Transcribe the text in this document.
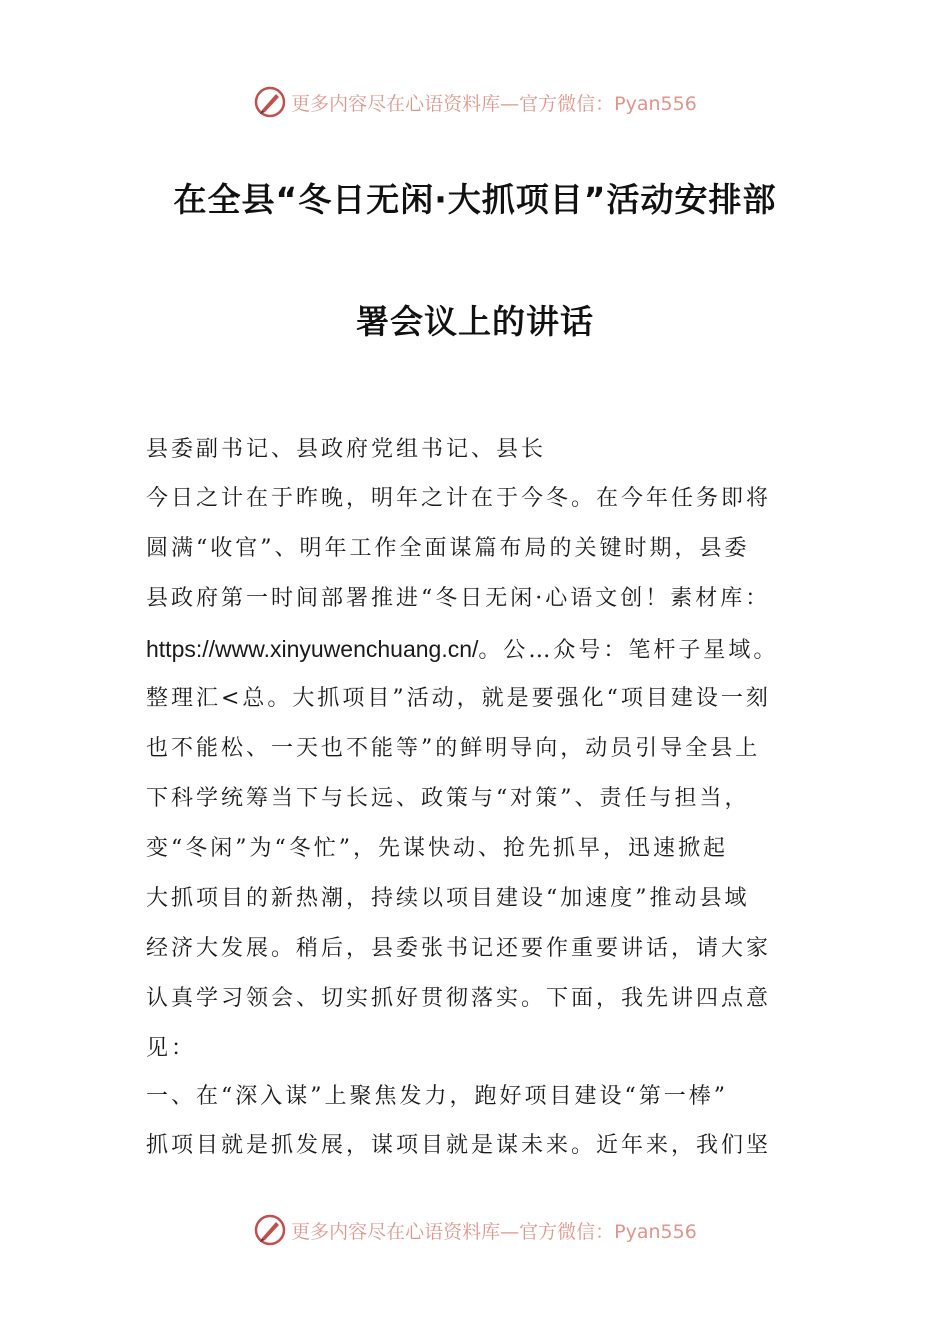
更多内容尽在心语资料库—官方微信：Pyan556
在全县“冬日无闲·大抓项目”活动安排部
署会议上的讲话

县委副书记、县政府党组书记、县长

今日之计在于昨晚，明年之计在于今冬。在今年任务即将
圆满“收官”、明年工作全面谋篇布局的关键时期，县委
县政府第一时间部署推进“冬日无闲·心语文创！素材库：
https://www.xinyuwenchuang.cn/。公…众号：笔杆子星域。
整理汇<总。大抓项目”活动，就是要强化“项目建设一刻
也不能松、一天也不能等”的鲜明导向，动员引导全县上
下科学统筹当下与长远、政策与“对策”、责任与担当，
变“冬闲”为“冬忙”，先谋快动、抢先抓早，迅速掀起
大抓项目的新热潮，持续以项目建设“加速度”推动县域
经济大发展。稍后，县委张书记还要作重要讲话，请大家
认真学习领会、切实抓好贯彻落实。下面，我先讲四点意
见：

一、在“深入谋”上聚焦发力，跑好项目建设“第一棒”

抓项目就是抓发展，谋项目就是谋未来。近年来，我们坚

更多内容尽在心语资料库—官方微信：Pyan556
